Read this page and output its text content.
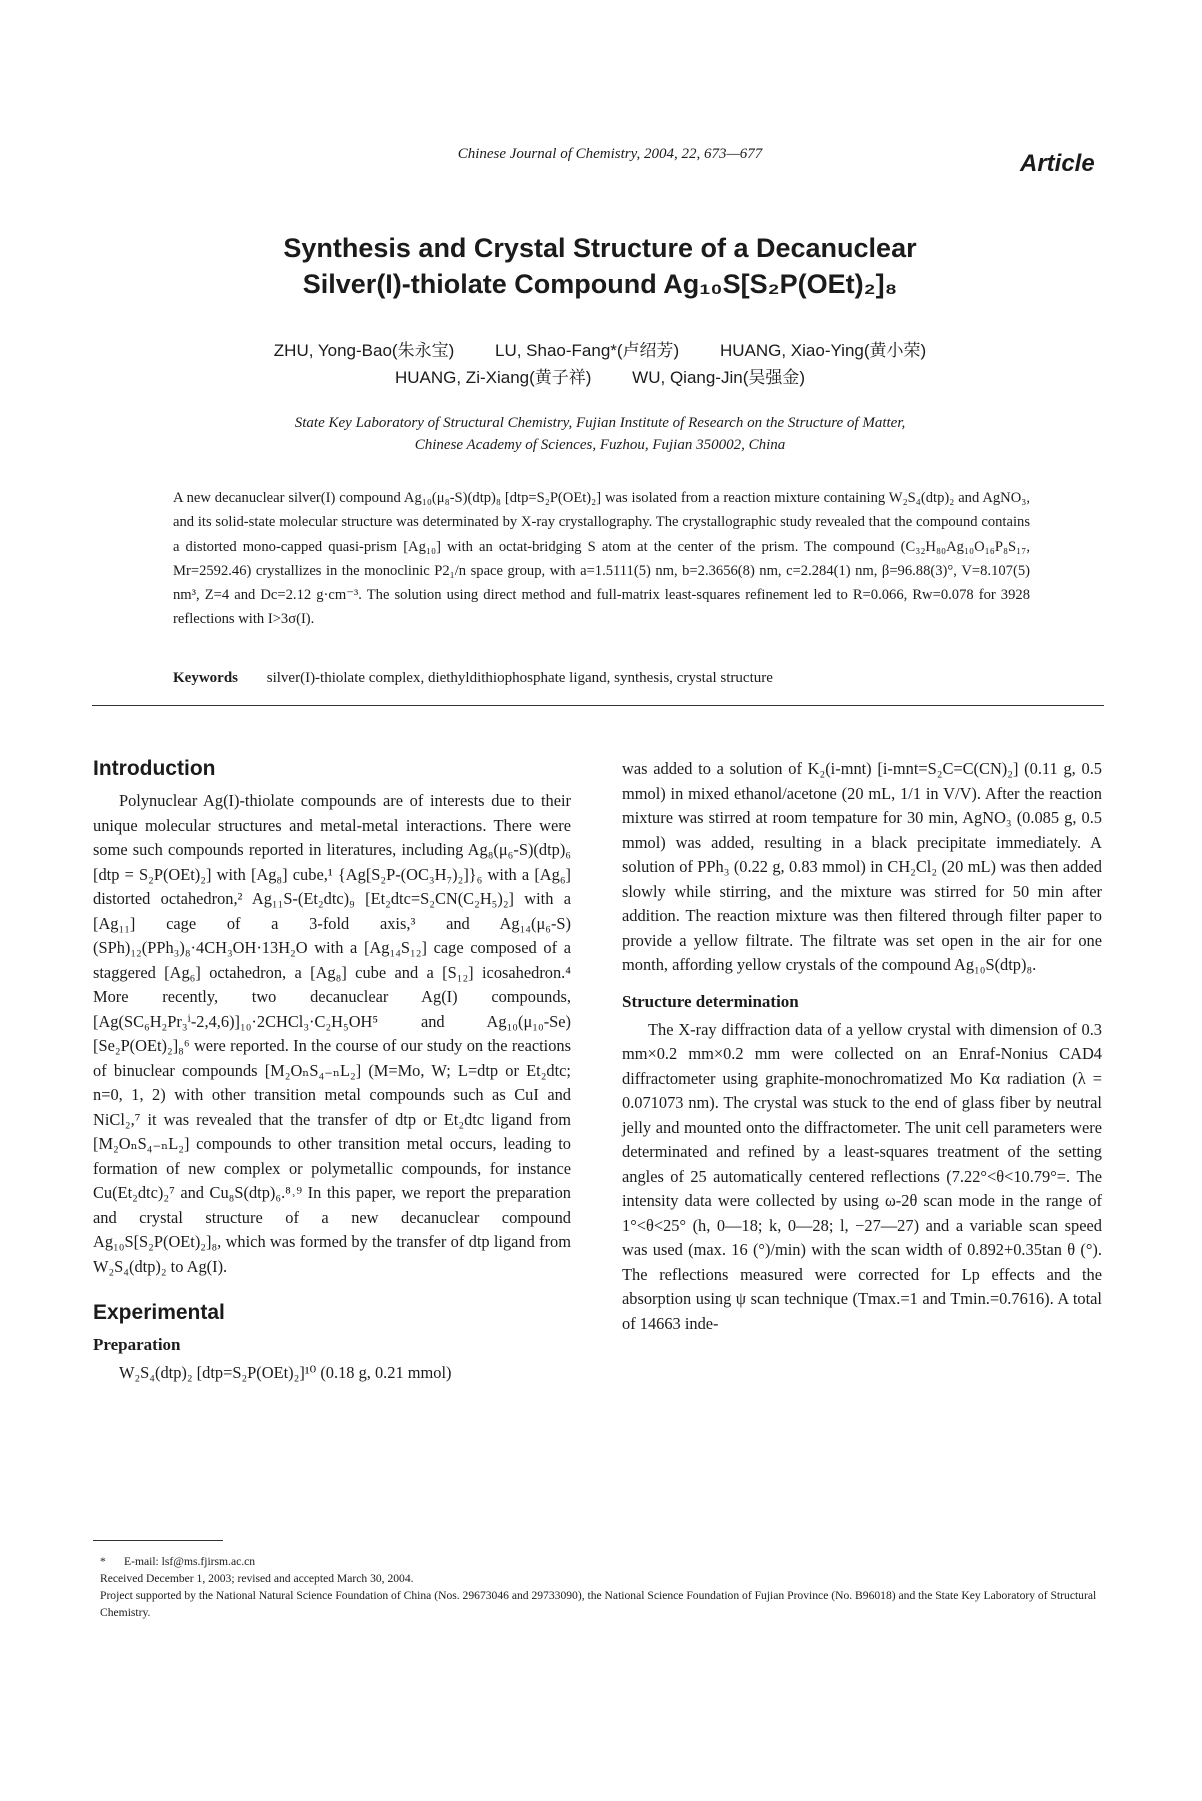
Chinese Journal of Chemistry, 2004, 22, 673—677	Article
Synthesis and Crystal Structure of a Decanuclear
Silver(I)-thiolate Compound Ag₁₀S[S₂P(OEt)₂]₈
ZHU, Yong-Bao(朱永宝) LU, Shao-Fang*(卢绍芳) HUANG, Xiao-Ying(黄小荣)
HUANG, Zi-Xiang(黄子祥) WU, Qiang-Jin(吴强金)
State Key Laboratory of Structural Chemistry, Fujian Institute of Research on the Structure of Matter,
Chinese Academy of Sciences, Fuzhou, Fujian 350002, China
A new decanuclear silver(I) compound Ag₁₀(μ₈-S)(dtp)₈ [dtp=S₂P(OEt)₂] was isolated from a reaction mixture containing W₂S₄(dtp)₂ and AgNO₃, and its solid-state molecular structure was determinated by X-ray crystallography. The crystallographic study revealed that the compound contains a distorted mono-capped quasi-prism [Ag₁₀] with an octat-bridging S atom at the center of the prism. The compound (C₃₂H₈₀Ag₁₀O₁₆P₈S₁₇, Mr=2592.46) crystallizes in the monoclinic P2₁/n space group, with a=1.5111(5) nm, b=2.3656(8) nm, c=2.284(1) nm, β=96.88(3)°, V=8.107(5) nm³, Z=4 and Dc=2.12 g·cm⁻³. The solution using direct method and full-matrix least-squares refinement led to R=0.066, Rw=0.078 for 3928 reflections with I>3σ(I).
Keywords silver(I)-thiolate complex, diethyldithiophosphate ligand, synthesis, crystal structure
Introduction

Polynuclear Ag(I)-thiolate compounds are of interests due to their unique molecular structures and metal-metal interactions. There were some such compounds reported in literatures, including Ag₈(μ₆-S)(dtp)₆ [dtp = S₂P(OEt)₂] with [Ag₈] cube,¹ {Ag[S₂P-(OC₃H₇)₂]}₆ with a [Ag₆] distorted octahedron,² Ag₁₁S-(Et₂dtc)₉ [Et₂dtc=S₂CN(C₂H₅)₂] with a [Ag₁₁] cage of a 3-fold axis,³ and Ag₁₄(μ₆-S)(SPh)₁₂(PPh₃)₈·4CH₃OH·13H₂O with a [Ag₁₄S₁₂] cage composed of a staggered [Ag₆] octahedron, a [Ag₈] cube and a [S₁₂] icosahedron.⁴ More recently, two decanuclear Ag(I) compounds, [Ag(SC₆H₂Pr₃ⁱ-2,4,6)]₁₀·2CHCl₃·C₂H₅OH⁵ and Ag₁₀(μ₁₀-Se)[Se₂P(OEt)₂]₈⁶ were reported. In the course of our study on the reactions of binuclear compounds [M₂OₙS₄₋ₙL₂] (M=Mo, W; L=dtp or Et₂dtc; n=0, 1, 2) with other transition metal compounds such as CuI and NiCl₂,⁷ it was revealed that the transfer of dtp or Et₂dtc ligand from [M₂OₙS₄₋ₙL₂] compounds to other transition metal occurs, leading to formation of new complex or polymetallic compounds, for instance Cu(Et₂dtc)₂⁷ and Cu₈S(dtp)₆.⁸˒⁹ In this paper, we report the preparation and crystal structure of a new decanuclear compound Ag₁₀S[S₂P(OEt)₂]₈, which was formed by the transfer of dtp ligand from W₂S₄(dtp)₂ to Ag(I).

Experimental
Preparation

W₂S₄(dtp)₂ [dtp=S₂P(OEt)₂]¹⁰ (0.18 g, 0.21 mmol)

was added to a solution of K₂(i-mnt) [i-mnt=S₂C=C(CN)₂] (0.11 g, 0.5 mmol) in mixed ethanol/acetone (20 mL, 1/1 in V/V). After the reaction mixture was stirred at room tempature for 30 min, AgNO₃ (0.085 g, 0.5 mmol) was added, resulting in a black precipitate immediately. A solution of PPh₃ (0.22 g, 0.83 mmol) in CH₂Cl₂ (20 mL) was then added slowly while stirring, and the mixture was stirred for 50 min after addition. The reaction mixture was then filtered through filter paper to provide a yellow filtrate. The filtrate was set open in the air for one month, affording yellow crystals of the compound Ag₁₀S(dtp)₈.

Structure determination

The X-ray diffraction data of a yellow crystal with dimension of 0.3 mm×0.2 mm×0.2 mm were collected on an Enraf-Nonius CAD4 diffractometer using graphite-monochromatized Mo Kα radiation (λ = 0.071073 nm). The crystal was stuck to the end of glass fiber by neutral jelly and mounted onto the diffractometer. The unit cell parameters were determinated and refined by a least-squares treatment of the setting angles of 25 automatically centered reflections (7.22°<θ<10.79°=. The intensity data were collected by using ω-2θ scan mode in the range of 1°<θ<25° (h, 0—18; k, 0—28; l, −27—27) and a variable scan speed was used (max. 16 (°)/min) with the scan width of 0.892+0.35tan θ (°). The reflections measured were corrected for Lp effects and the absorption using ψ scan technique (Tmax.=1 and Tmin.=0.7616). A total of 14663 inde-

* E-mail: lsf@ms.fjirsm.ac.cn
Received December 1, 2003; revised and accepted March 30, 2004.
Project supported by the National Natural Science Foundation of China (Nos. 29673046 and 29733090), the National Science Foundation of Fujian Province (No. B96018) and the State Key Laboratory of Structural Chemistry.
